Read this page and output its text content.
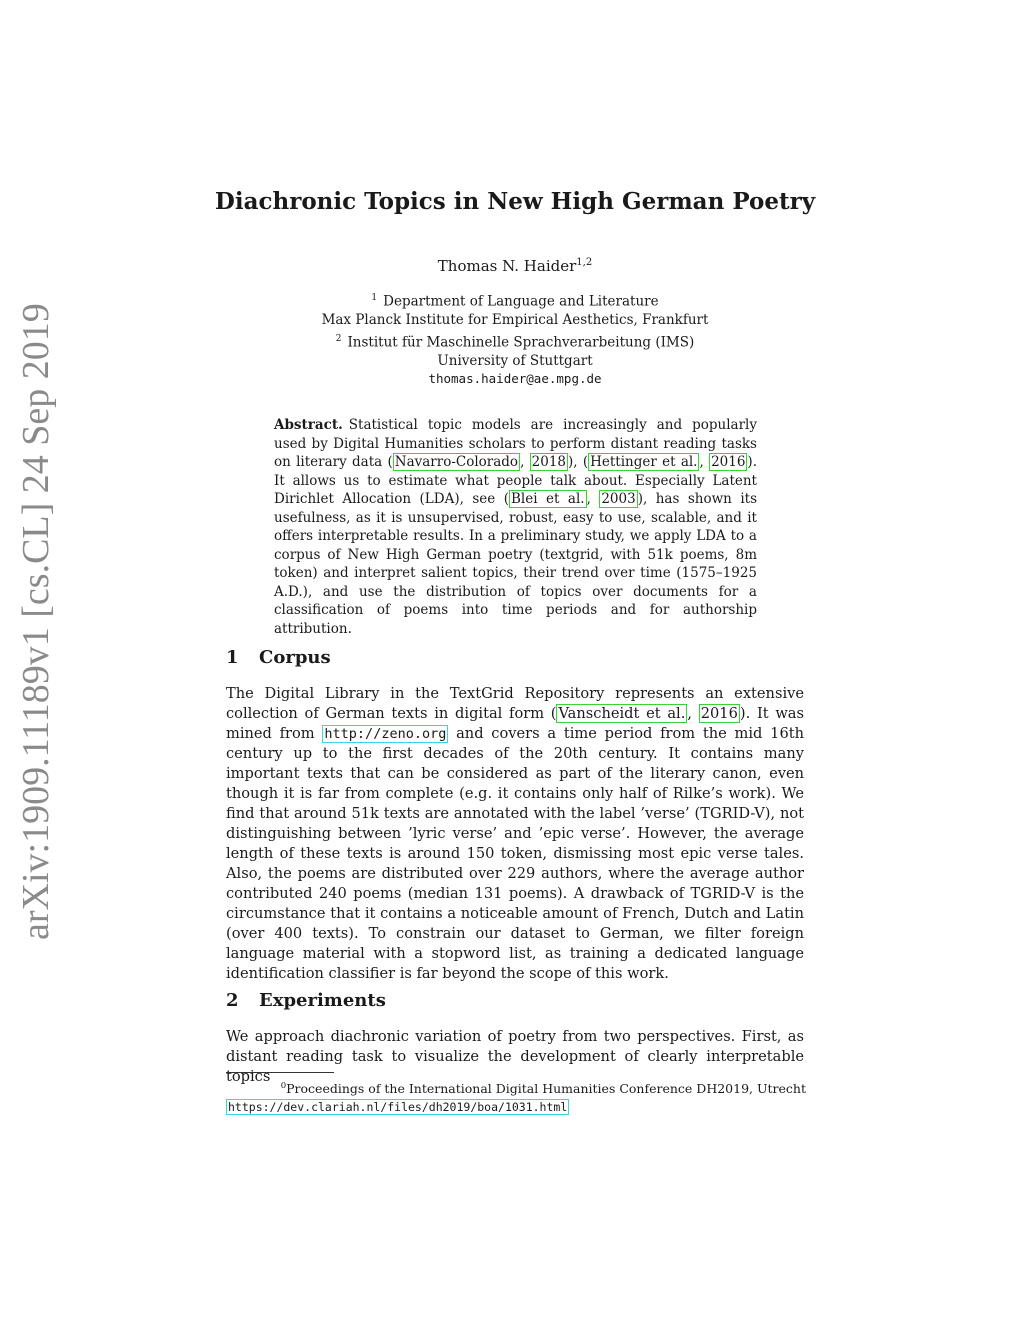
arXiv:1909.11189v1 [cs.CL] 24 Sep 2019
Diachronic Topics in New High German Poetry
Thomas N. Haider$^{1,2}$
$^1$ Department of Language and Literature
Max Planck Institute for Empirical Aesthetics, Frankfurt
$^2$ Institut für Maschinelle Sprachverarbeitung (IMS)
University of Stuttgart
thomas.haider@ae.mpg.de
Abstract. Statistical topic models are increasingly and popularly used by Digital Humanities scholars to perform distant reading tasks on literary data ( Navarro-Colorado , 2018 ), ( Hettinger et al. , 2016 ). It allows us to estimate what people talk about. Especially Latent Dirichlet Allocation (LDA), see ( Blei et al. , 2003 ), has shown its usefulness, as it is unsupervised, robust, easy to use, scalable, and it offers interpretable results. In a preliminary study, we apply LDA to a corpus of New High German poetry (textgrid, with 51k poems, 8m token) and interpret salient topics, their trend over time (1575–1925 A.D.), and use the distribution of topics over documents for a classification of poems into time periods and for authorship attribution.
1 Corpus
The Digital Library in the TextGrid Repository represents an extensive collection of German texts in digital form ( Vanscheidt et al. , 2016 ). It was mined from http://zeno.org and covers a time period from the mid 16th century up to the first decades of the 20th century. It contains many important texts that can be considered as part of the literary canon, even though it is far from complete (e.g. it contains only half of Rilke’s work). We find that around 51k texts are annotated with the label ’verse’ (TGRID-V), not distinguishing between ’lyric verse’ and ’epic verse’. However, the average length of these texts is around 150 token, dismissing most epic verse tales. Also, the poems are distributed over 229 authors, where the average author contributed 240 poems (median 131 poems). A drawback of TGRID-V is the circumstance that it contains a noticeable amount of French, Dutch and Latin (over 400 texts). To constrain our dataset to German, we filter foreign language material with a stopword list, as training a dedicated language identification classifier is far beyond the scope of this work.
2 Experiments
We approach diachronic variation of poetry from two perspectives. First, as distant reading task to visualize the development of clearly interpretable topics
$^0$Proceedings of the International Digital Humanities Conference DH2019, Utrecht
https://dev.clariah.nl/files/dh2019/boa/1031.html
